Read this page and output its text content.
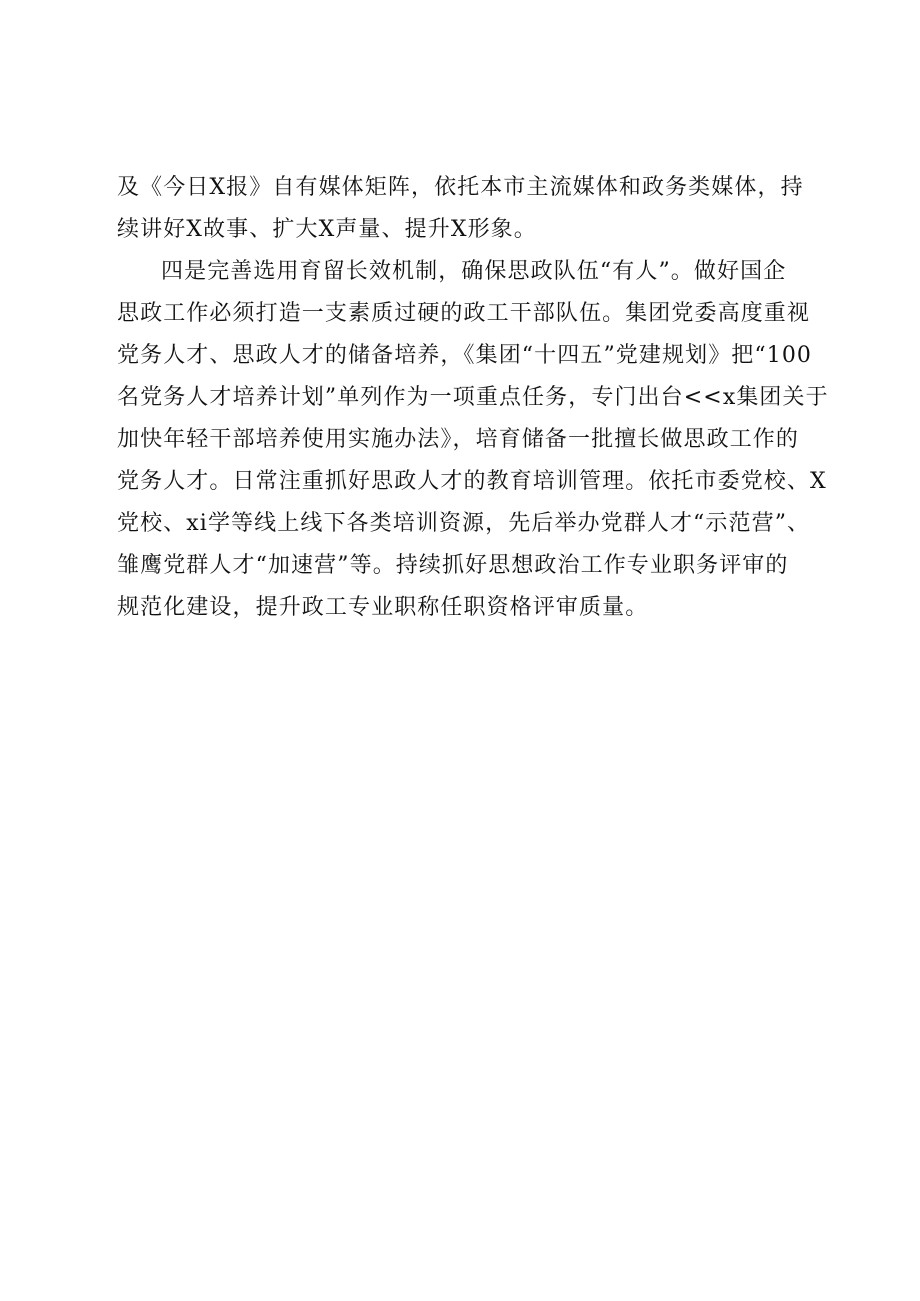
及《今日X报》自有媒体矩阵，依托本市主流媒体和政务类媒体，持
续讲好X故事、扩大X声量、提升X形象。
四是完善选用育留长效机制，确保思政队伍“有人”。做好国企
思政工作必须打造一支素质过硬的政工干部队伍。集团党委高度重视
党务人才、思政人才的储备培养，《集团“十四五”党建规划》把“100
名党务人才培养计划”单列作为一项重点任务，专门出台<<x集团关于
加快年轻干部培养使用实施办法》，培育储备一批擅长做思政工作的
党务人才。日常注重抓好思政人才的教育培训管理。依托市委党校、X
党校、xi学等线上线下各类培训资源，先后举办党群人才“示范营”、
雏鹰党群人才“加速营”等。持续抓好思想政治工作专业职务评审的
规范化建设，提升政工专业职称任职资格评审质量。
